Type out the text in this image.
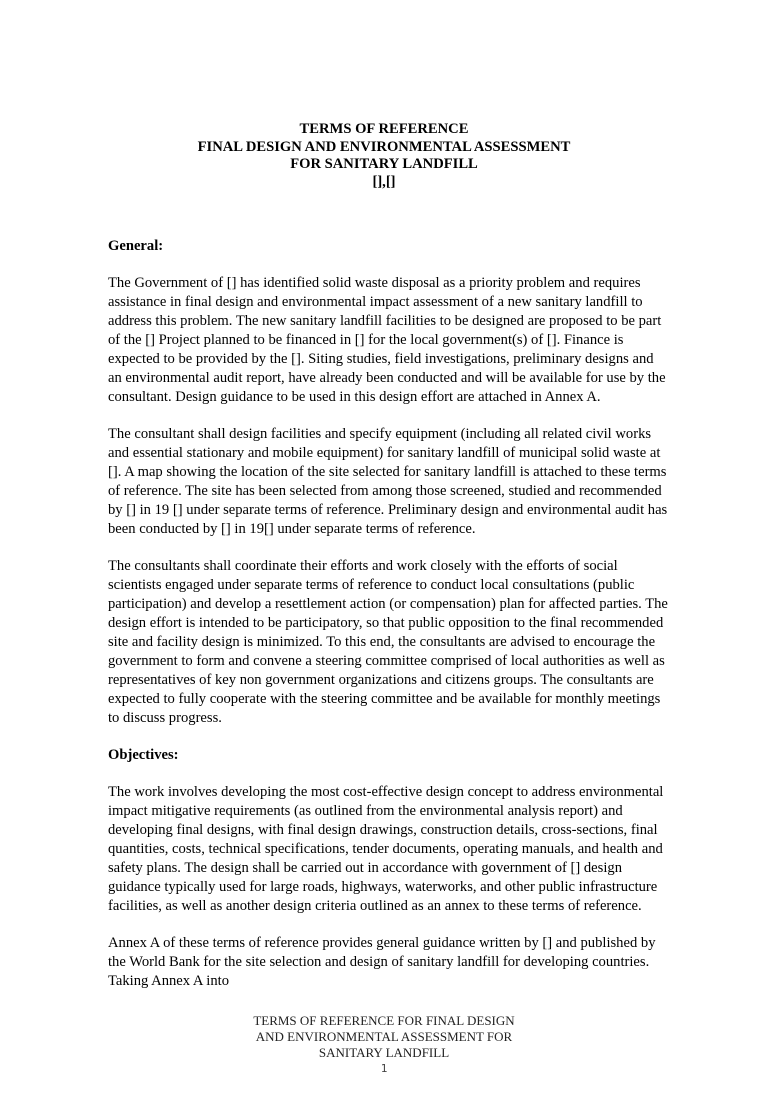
TERMS OF REFERENCE
FINAL DESIGN AND ENVIRONMENTAL ASSESSMENT
FOR SANITARY LANDFILL
[],[]
General:

The Government of [] has identified solid waste disposal as a priority problem and requires assistance in final design and environmental impact assessment of a new sanitary landfill to address this problem. The new sanitary landfill facilities to be designed are proposed to be part of the [] Project planned to be financed in [] for the local government(s) of []. Finance is expected to be provided by the []. Siting studies, field investigations, preliminary designs and an environmental audit report, have already been conducted and will be available for use by the consultant. Design guidance to be used in this design effort are attached in Annex A.

The consultant shall design facilities and specify equipment (including all related civil works and essential stationary and mobile equipment) for sanitary landfill of municipal solid waste at []. A map showing the location of the site selected for sanitary landfill is attached to these terms of reference. The site has been selected from among those screened, studied and recommended by [] in 19 [] under separate terms of reference. Preliminary design and environmental audit has been conducted by [] in 19[] under separate terms of reference.

The consultants shall coordinate their efforts and work closely with the efforts of social scientists engaged under separate terms of reference to conduct local consultations (public participation) and develop a resettlement action (or compensation) plan for affected parties. The design effort is intended to be participatory, so that public opposition to the final recommended site and facility design is minimized. To this end, the consultants are advised to encourage the government to form and convene a steering committee comprised of local authorities as well as representatives of key non government organizations and citizens groups. The consultants are expected to fully cooperate with the steering committee and be available for monthly meetings to discuss progress.

Objectives:

The work involves developing the most cost-effective design concept to address environmental impact mitigative requirements (as outlined from the environmental analysis report) and developing final designs, with final design drawings, construction details, cross-sections, final quantities, costs, technical specifications, tender documents, operating manuals, and health and safety plans. The design shall be carried out in accordance with government of [] design guidance typically used for large roads, highways, waterworks, and other public infrastructure facilities, as well as another design criteria outlined as an annex to these terms of reference.

Annex A of these terms of reference provides general guidance written by [] and published by the World Bank for the site selection and design of sanitary landfill for developing countries. Taking Annex A into

TERMS OF REFERENCE FOR FINAL DESIGN
AND ENVIRONMENTAL ASSESSMENT FOR
SANITARY LANDFILL
1
